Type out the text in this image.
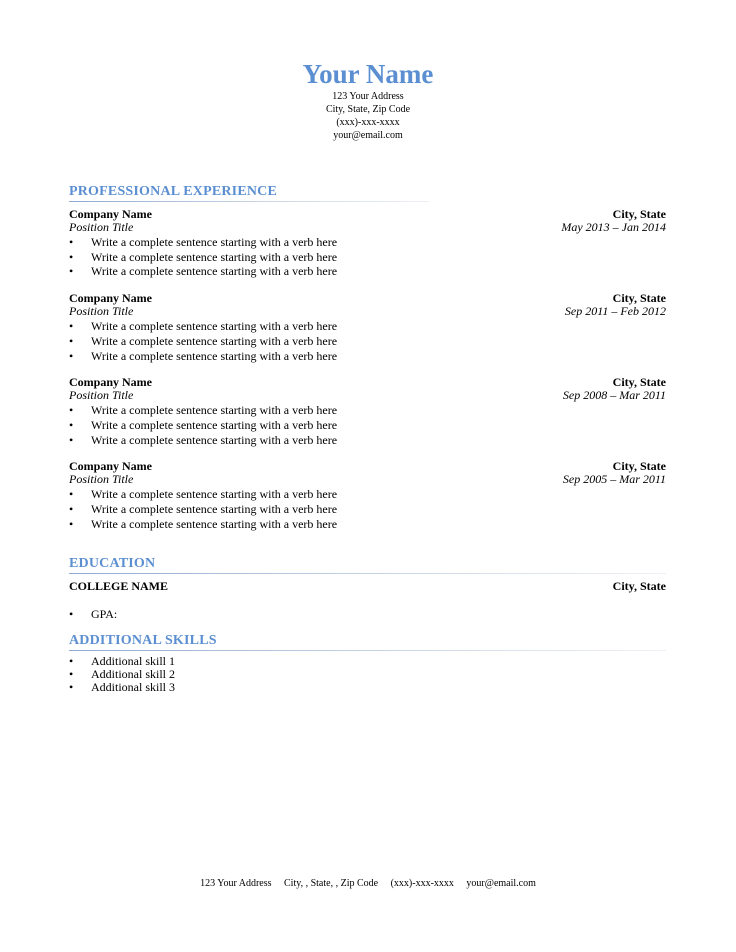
Your Name

123 Your Address

City, State, Zip Code

(xxx)-xxx-xxxx

your@email.com

PROFESSIONAL EXPERIENCE

Company Name	City, State
Position Title	May 2013 – Jan 2014
• Write a complete sentence starting with a verb here
• Write a complete sentence starting with a verb here
• Write a complete sentence starting with a verb here
Company Name	City, State
Position Title	Sep 2011 – Feb 2012
• Write a complete sentence starting with a verb here
• Write a complete sentence starting with a verb here
• Write a complete sentence starting with a verb here
Company Name	City, State
Position Title	Sep 2008 – Mar 2011
• Write a complete sentence starting with a verb here
• Write a complete sentence starting with a verb here
• Write a complete sentence starting with a verb here
Company Name	City, State
Position Title	Sep 2005 – Mar 2011
• Write a complete sentence starting with a verb here
• Write a complete sentence starting with a verb here
• Write a complete sentence starting with a verb here

EDUCATION

COLLEGE NAME	City, State
• GPA:

ADDITIONAL SKILLS

• Additional skill 1
• Additional skill 2
• Additional skill 3
123 Your Address City, , State, , Zip Code (xxx)-xxx-xxxx your@email.com
